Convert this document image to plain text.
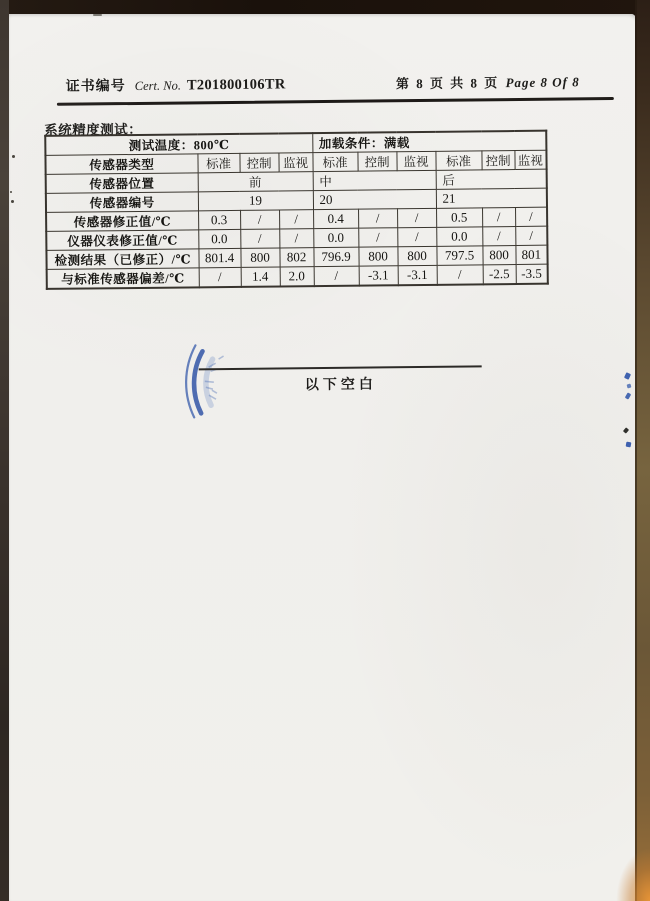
证书编号 Cert. No. T201800106TR	第 8 页 共 8 页 Page 8 Of 8
系统精度测试：
测试温度：800℃				加载条件：满载					
传感器类型	标准	控制	监视	标准	控制	监视	标准	控制	监视
传感器位置	前			中			后		
传感器编号	19			20			21		
传感器修正值/℃	0.3	/	/	0.4	/	/	0.5	/	/
仪器仪表修正值/℃	0.0	/	/	0.0	/	/	0.0	/	/
检测结果（已修正）/℃	801.4	800	802	796.9	800	800	797.5	800	801
与标准传感器偏差/℃	/	1.4	2.0	/	-3.1	-3.1	/	-2.5	-3.5
以下空白
